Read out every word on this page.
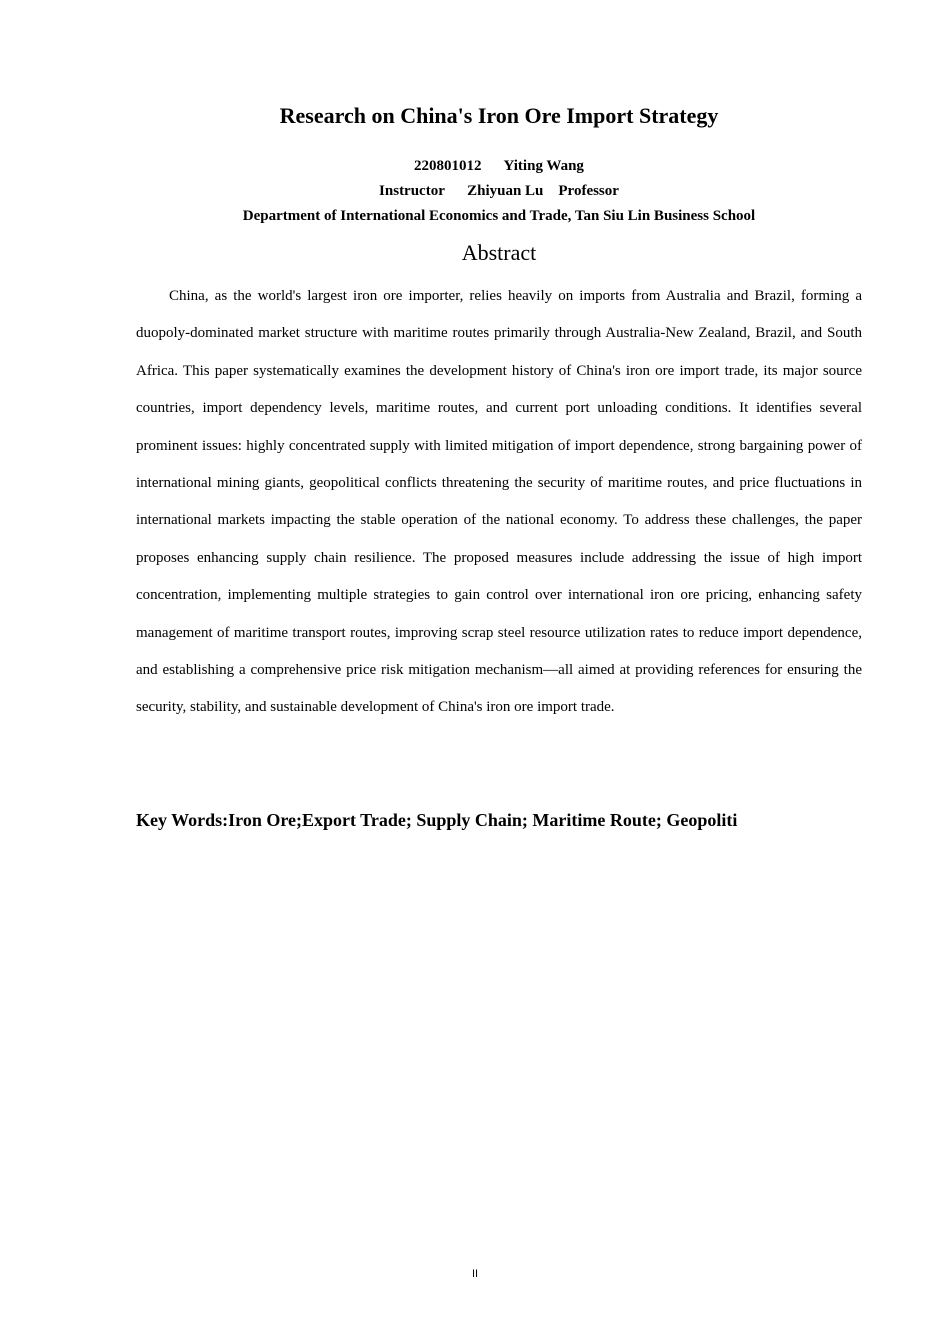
Research on China's Iron Ore Import Strategy
220801012      Yiting Wang
Instructor      Zhiyuan Lu    Professor
Department of International Economics and Trade, Tan Siu Lin Business School
Abstract

China, as the world's largest iron ore importer, relies heavily on imports from Australia and Brazil, forming a duopoly-dominated market structure with maritime routes primarily through Australia-New Zealand, Brazil, and South Africa. This paper systematically examines the development history of China's iron ore import trade, its major source countries, import dependency levels, maritime routes, and current port unloading conditions. It identifies several prominent issues: highly concentrated supply with limited mitigation of import dependence, strong bargaining power of international mining giants, geopolitical conflicts threatening the security of maritime routes, and price fluctuations in international markets impacting the stable operation of the national economy. To address these challenges, the paper proposes enhancing supply chain resilience. The proposed measures include addressing the issue of high import concentration, implementing multiple strategies to gain control over international iron ore pricing, enhancing safety management of maritime transport routes, improving scrap steel resource utilization rates to reduce import dependence, and establishing a comprehensive price risk mitigation mechanism—all aimed at providing references for ensuring the security, stability, and sustainable development of China's iron ore import trade.

Key Words:Iron Ore;Export Trade; Supply Chain; Maritime Route; Geopoliti

II
